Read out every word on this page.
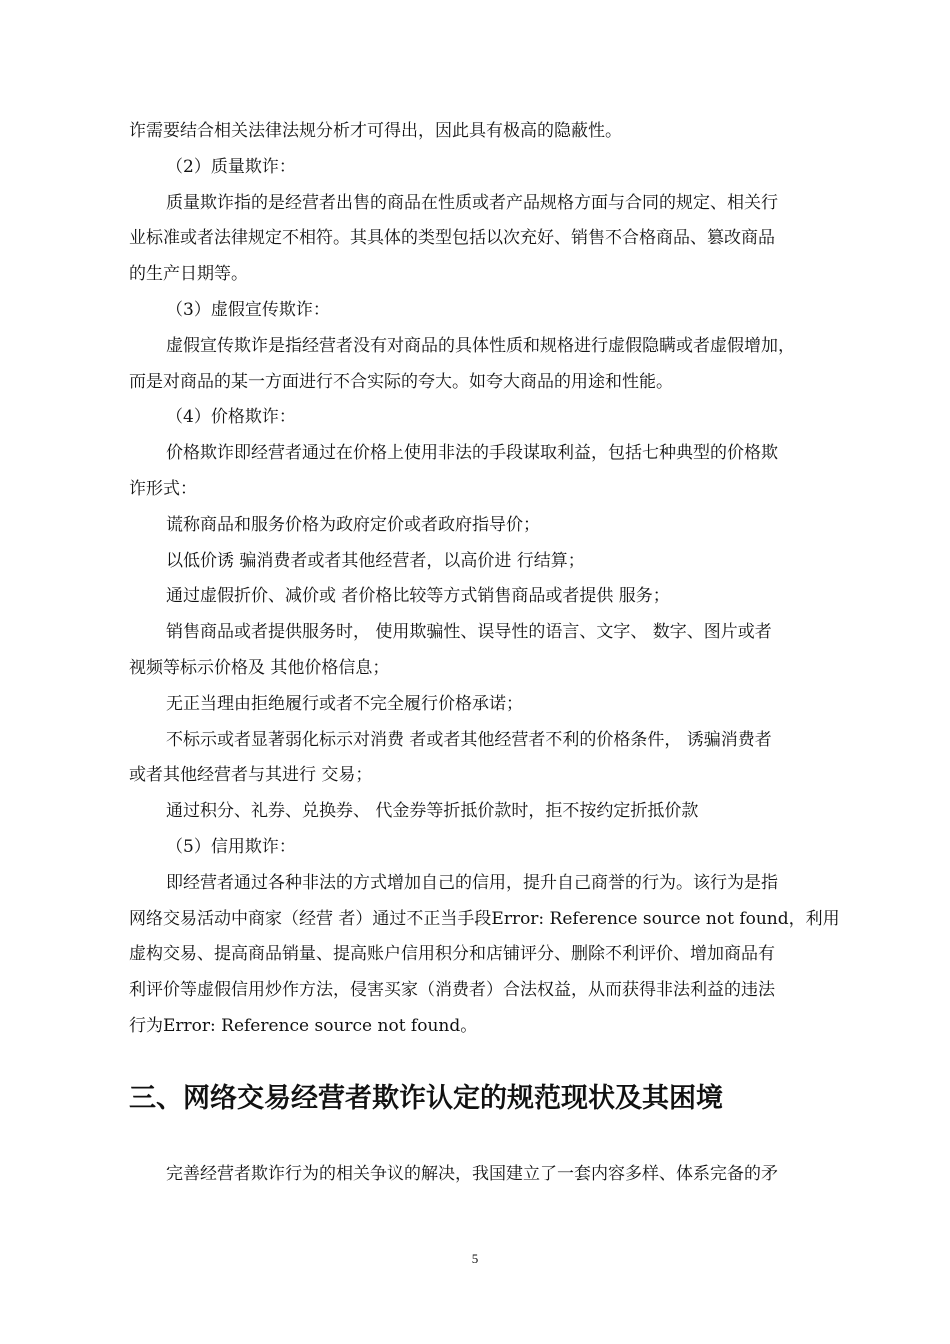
诈需要结合相关法律法规分析才可得出，因此具有极高的隐蔽性。
（2）质量欺诈：
质量欺诈指的是经营者出售的商品在性质或者产品规格方面与合同的规定、相关行
业标准或者法律规定不相符。其具体的类型包括以次充好、销售不合格商品、篡改商品
的生产日期等。
（3）虚假宣传欺诈：
虚假宣传欺诈是指经营者没有对商品的具体性质和规格进行虚假隐瞒或者虚假增加，
而是对商品的某一方面进行不合实际的夸大。如夸大商品的用途和性能。
（4）价格欺诈：
价格欺诈即经营者通过在价格上使用非法的手段谋取利益，包括七种典型的价格欺
诈形式：
谎称商品和服务价格为政府定价或者政府指导价；
以低价诱 骗消费者或者其他经营者，以高价进 行结算；
通过虚假折价、减价或 者价格比较等方式销售商品或者提供 服务；
销售商品或者提供服务时， 使用欺骗性、误导性的语言、文字、 数字、图片或者
视频等标示价格及 其他价格信息；
无正当理由拒绝履行或者不完全履行价格承诺；
不标示或者显著弱化标示对消费 者或者其他经营者不利的价格条件， 诱骗消费者
或者其他经营者与其进行 交易；
通过积分、礼券、兑换券、 代金券等折抵价款时，拒不按约定折抵价款
（5）信用欺诈：
即经营者通过各种非法的方式增加自己的信用，提升自己商誉的行为。该行为是指
网络交易活动中商家（经营 者）通过不正当手段Error: Reference source not found，利用
虚构交易、提高商品销量、提高账户信用积分和店铺评分、删除不利评价、增加商品有
利评价等虚假信用炒作方法，侵害买家（消费者）合法权益，从而获得非法利益的违法
行为Error: Reference source not found。
三、网络交易经营者欺诈认定的规范现状及其困境
完善经营者欺诈行为的相关争议的解决，我国建立了一套内容多样、体系完备的矛
5
